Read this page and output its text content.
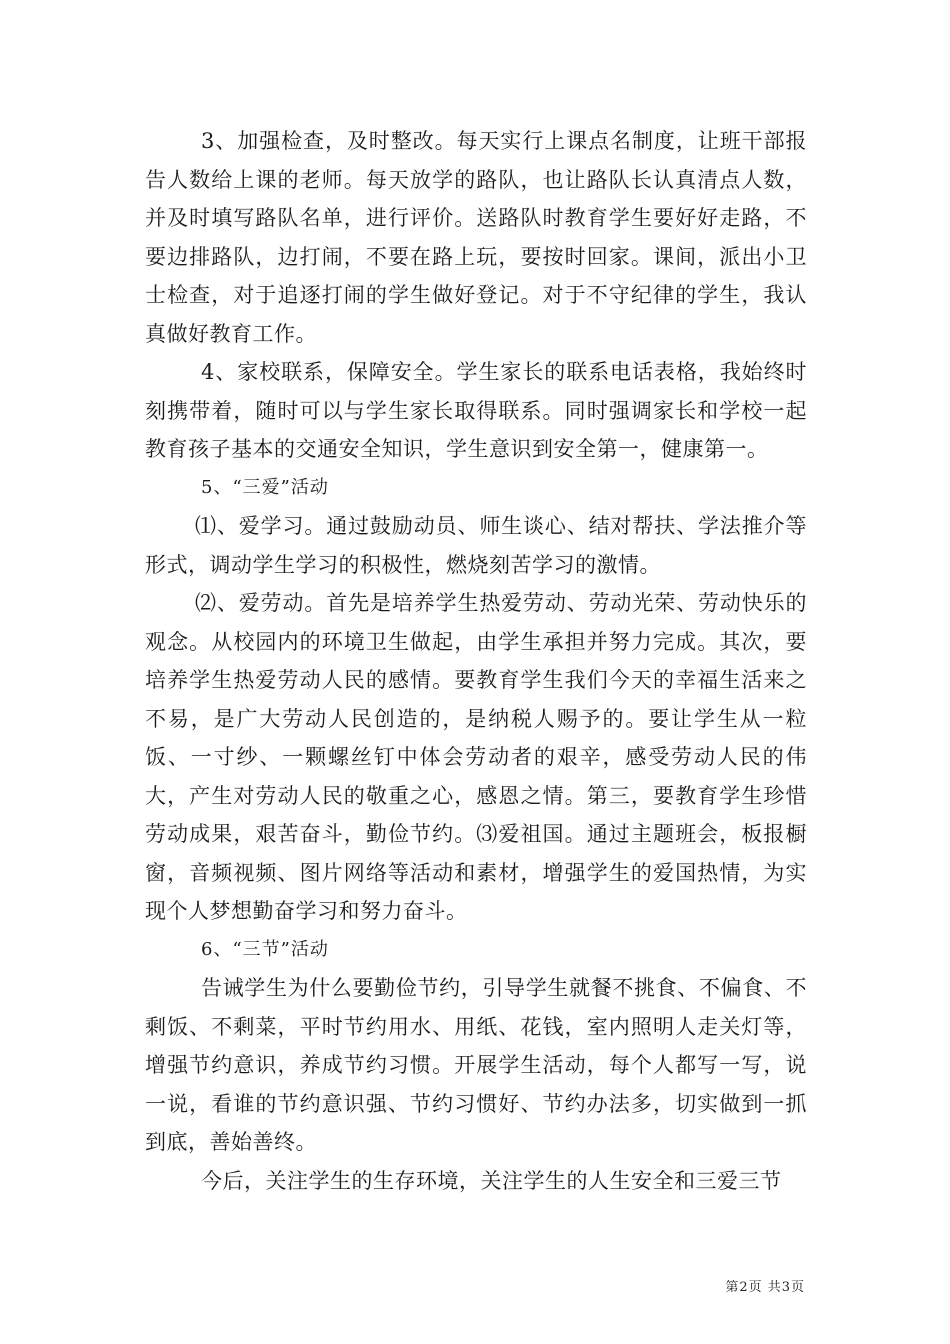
3、加强检查，及时整改。每天实行上课点名制度，让班干部报告人数给上课的老师。每天放学的路队，也让路队长认真清点人数，并及时填写路队名单，进行评价。送路队时教育学生要好好走路，不要边排路队，边打闹，不要在路上玩，要按时回家。课间，派出小卫士检查，对于追逐打闹的学生做好登记。对于不守纪律的学生，我认真做好教育工作。

4、家校联系，保障安全。学生家长的联系电话表格，我始终时刻携带着，随时可以与学生家长取得联系。同时强调家长和学校一起教育孩子基本的交通安全知识，学生意识到安全第一，健康第一。

5、“三爱”活动

⑴、爱学习。通过鼓励动员、师生谈心、结对帮扶、学法推介等形式，调动学生学习的积极性，燃烧刻苦学习的激情。

⑵、爱劳动。首先是培养学生热爱劳动、劳动光荣、劳动快乐的观念。从校园内的环境卫生做起，由学生承担并努力完成。其次，要培养学生热爱劳动人民的感情。要教育学生我们今天的幸福生活来之不易，是广大劳动人民创造的，是纳税人赐予的。要让学生从一粒饭、一寸纱、一颗螺丝钉中体会劳动者的艰辛，感受劳动人民的伟大，产生对劳动人民的敬重之心，感恩之情。第三，要教育学生珍惜劳动成果，艰苦奋斗，勤俭节约。⑶爱祖国。通过主题班会，板报橱窗，音频视频、图片网络等活动和素材，增强学生的爱国热情，为实现个人梦想勤奋学习和努力奋斗。

6、“三节”活动

告诫学生为什么要勤俭节约，引导学生就餐不挑食、不偏食、不剩饭、不剩菜，平时节约用水、用纸、花钱，室内照明人走关灯等，增强节约意识，养成节约习惯。开展学生活动，每个人都写一写，说一说，看谁的节约意识强、节约习惯好、节约办法多，切实做到一抓到底，善始善终。

今后，关注学生的生存环境，关注学生的人生安全和三爱三节

第2页 共3页
